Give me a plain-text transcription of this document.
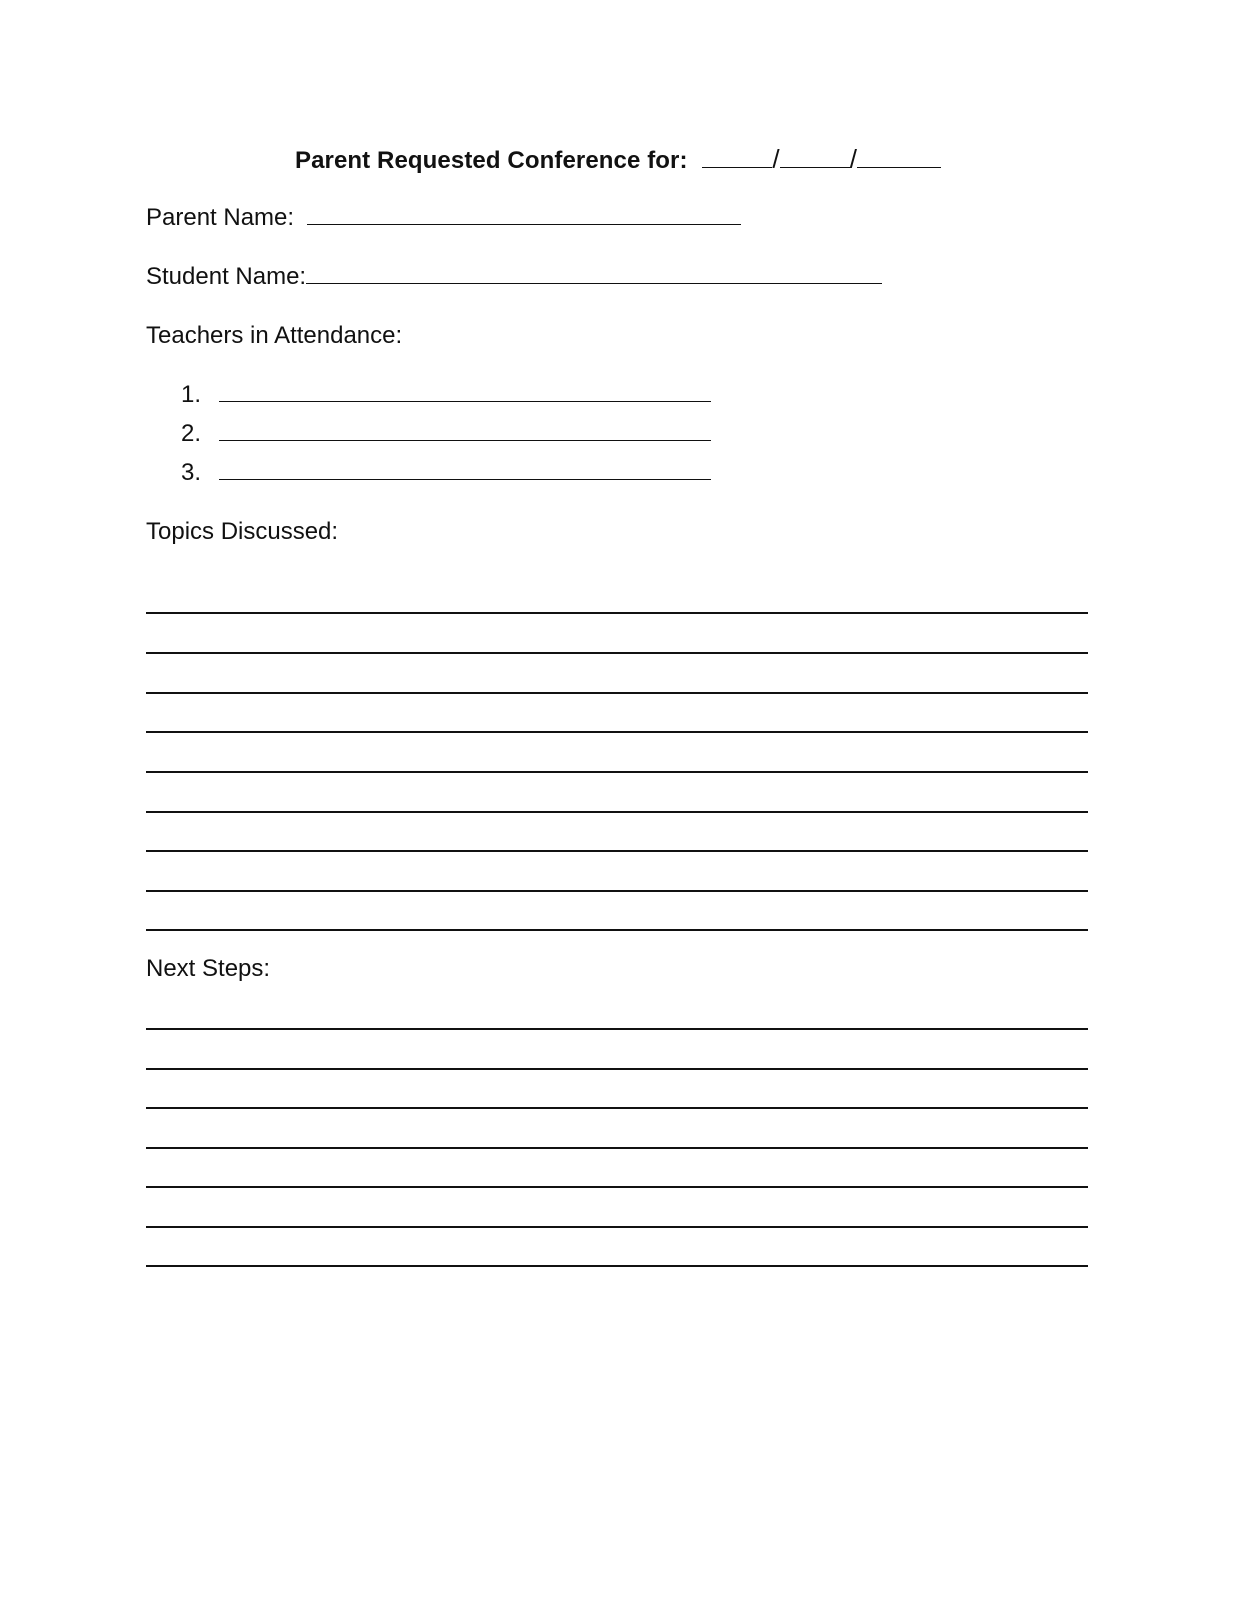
Parent Requested Conference for:	/	/
Parent Name:
Student Name:
Teachers in Attendance:
1.
2.
3.
Topics Discussed:
Next Steps:
